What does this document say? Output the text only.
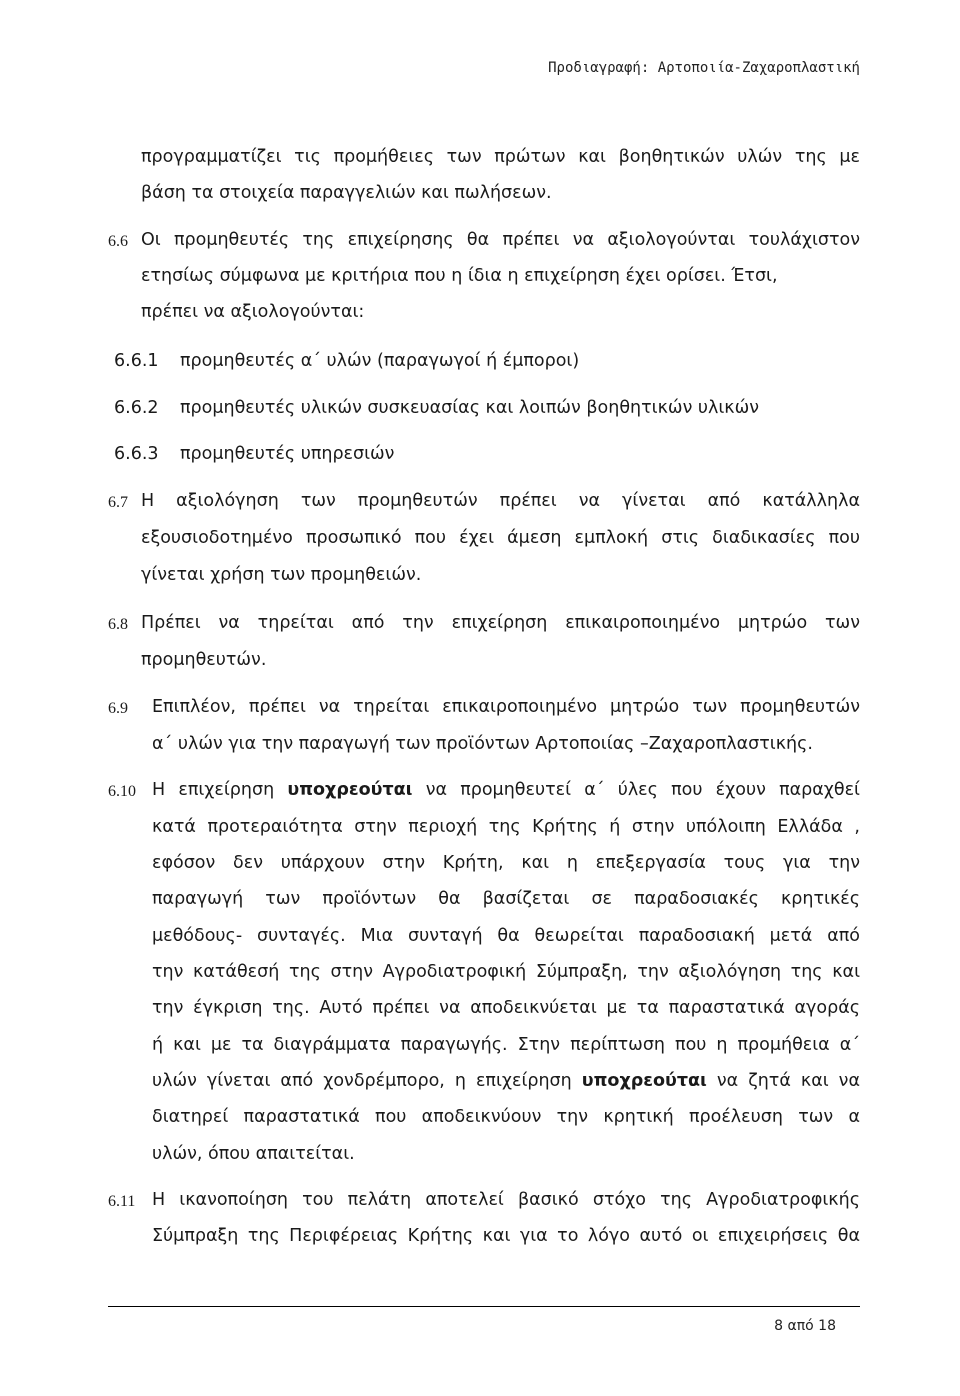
Προδιαγραφή: Αρτοποιία-Ζαχαροπλαστική
προγραμματίζει τις προμήθειες των πρώτων και βοηθητικών υλών της με
βάση τα στοιχεία παραγγελιών και πωλήσεων.
6.6 Οι προμηθευτές της επιχείρησης θα πρέπει να αξιολογούνται τουλάχιστον
ετησίως σύμφωνα με κριτήρια που η ίδια η επιχείρηση έχει ορίσει. Έτσι,
πρέπει να αξιολογούνται:
6.6.1 προμηθευτές α΄ υλών (παραγωγοί ή έμποροι)
6.6.2 προμηθευτές υλικών συσκευασίας και λοιπών βοηθητικών υλικών
6.6.3 προμηθευτές υπηρεσιών
6.7 Η αξιολόγηση των προμηθευτών πρέπει να γίνεται από κατάλληλα
εξουσιοδοτημένο προσωπικό που έχει άμεση εμπλοκή στις διαδικασίες που
γίνεται χρήση των προμηθειών.
6.8 Πρέπει να τηρείται από την επιχείρηση επικαιροποιημένο μητρώο των
προμηθευτών.
6.9 Επιπλέον, πρέπει να τηρείται επικαιροποιημένο μητρώο των προμηθευτών
α΄ υλών για την παραγωγή των προϊόντων Αρτοποιίας –Ζαχαροπλαστικής.
6.10 Η επιχείρηση υποχρεούται να προμηθευτεί α΄ ύλες που έχουν παραχθεί
κατά προτεραιότητα στην περιοχή της Κρήτης ή στην υπόλοιπη Ελλάδα ,
εφόσον δεν υπάρχουν στην Κρήτη, και η επεξεργασία τους για την
παραγωγή των προϊόντων θα βασίζεται σε παραδοσιακές κρητικές
μεθόδους- συνταγές. Μια συνταγή θα θεωρείται παραδοσιακή μετά από
την κατάθεσή της στην Αγροδιατροφική Σύμπραξη, την αξιολόγηση της και
την έγκριση της. Αυτό πρέπει να αποδεικνύεται με τα παραστατικά αγοράς
ή και με τα διαγράμματα παραγωγής. Στην περίπτωση που η προμήθεια α΄
υλών γίνεται από χονδρέμπορο, η επιχείρηση υποχρεούται να ζητά και να
διατηρεί παραστατικά που αποδεικνύουν την κρητική προέλευση των α
υλών, όπου απαιτείται.
6.11 Η ικανοποίηση του πελάτη αποτελεί βασικό στόχο της Αγροδιατροφικής
Σύμπραξη της Περιφέρειας Κρήτης και για το λόγο αυτό οι επιχειρήσεις θα
8 από 18
